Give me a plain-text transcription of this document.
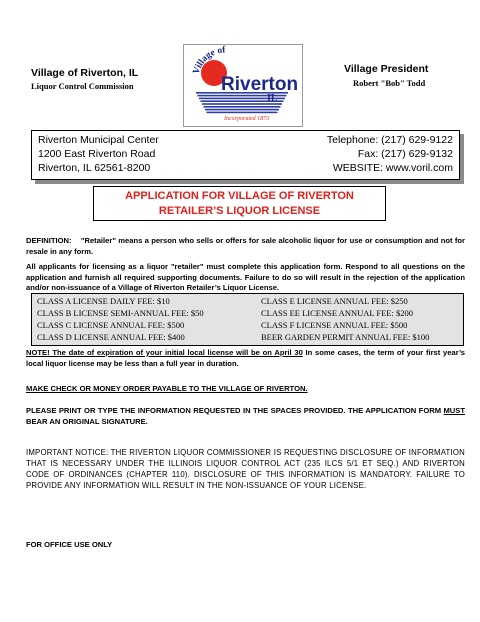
Village of Riverton, IL
Liquor Control Commission
Village of
Riverton
IL
Incorporated 1873
Village President
Robert "Bob" Todd
Riverton Municipal Center
1200 East Riverton Road
Riverton, IL 62561-8200
Telephone: (217) 629-9122
Fax: (217) 629-9132
WEBSITE: www.voril.com
APPLICATION FOR VILLAGE OF RIVERTON
RETAILER’S LIQUOR LICENSE
DEFINITION: "Retailer" means a person who sells or offers for sale alcoholic liquor for use or consumption and not for resale in any form.
All applicants for licensing as a liquor "retailer" must complete this application form. Respond to all questions on the application and furnish all required supporting documents. Failure to do so will result in the rejection of the application and/or non-issuance of a Village of Riverton Retailer’s Liquor License.
CLASS A LICENSE DAILY FEE: $10
CLASS B LICENSE SEMI-ANNUAL FEE: $50
CLASS C LICENSE ANNUAL FEE: $500
CLASS D LICENSE ANNUAL FEE: $400
CLASS E LICENSE ANNUAL FEE: $250
CLASS EE LICENSE ANNUAL FEE: $200
CLASS F LICENSE ANNUAL FEE: $500
BEER GARDEN PERMIT ANNUAL FEE: $100
NOTE! The date of expiration of your initial local license will be on April 30 In some cases, the term of your first year’s local liquor license may be less than a full year in duration.
MAKE CHECK OR MONEY ORDER PAYABLE TO THE VILLAGE OF RIVERTON.
PLEASE PRINT OR TYPE THE INFORMATION REQUESTED IN THE SPACES PROVIDED. THE APPLICATION FORM MUST BEAR AN ORIGINAL SIGNATURE.
IMPORTANT NOTICE: THE RIVERTON LIQUOR COMMISSIONER IS REQUESTING DISCLOSURE OF INFORMATION THAT IS NECESSARY UNDER THE ILLINOIS LIQUOR CONTROL ACT (235 ILCS 5/1 ET SEQ.) AND RIVERTON CODE OF ORDINANCES (CHAPTER 110). DISCLOSURE OF THIS INFORMATION IS MANDATORY. FAILURE TO PROVIDE ANY INFORMATION WILL RESULT IN THE NON-ISSUANCE OF YOUR LICENSE.
FOR OFFICE USE ONLY
